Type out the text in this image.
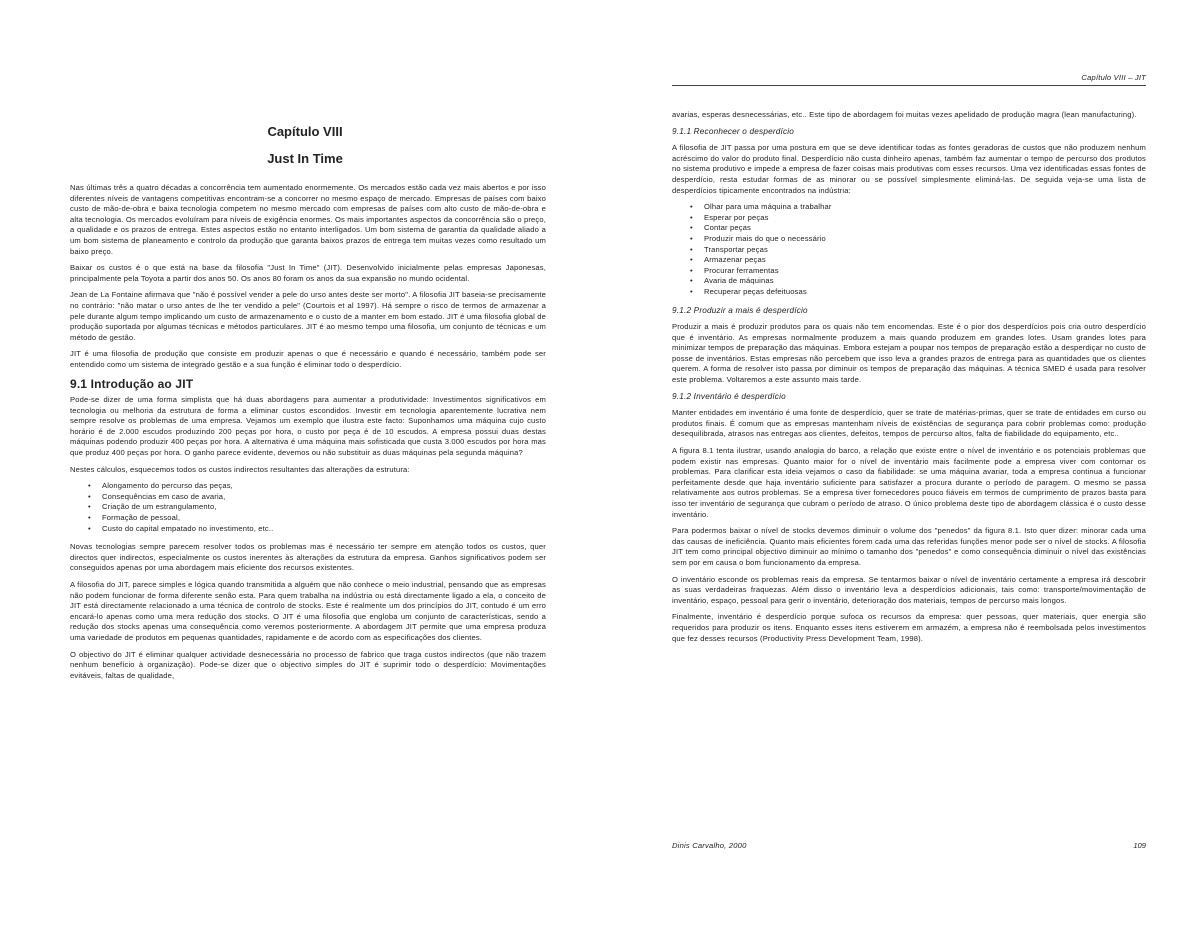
Capítulo VIII
Just In Time

Nas últimas três a quatro décadas a concorrência tem aumentado enormemente. Os mercados estão cada vez mais abertos e por isso diferentes níveis de vantagens competitivas encontram-se a concorrer no mesmo espaço de mercado. Empresas de países com baixo custo de mão-de-obra e baixa tecnologia competem no mesmo mercado com empresas de países com alto custo de mão-de-obra e alta tecnologia. Os mercados evoluíram para níveis de exigência enormes. Os mais importantes aspectos da concorrência são o preço, a qualidade e os prazos de entrega. Estes aspectos estão no entanto interligados. Um bom sistema de garantia da qualidade aliado a um bom sistema de planeamento e controlo da produção que garanta baixos prazos de entrega tem muitas vezes como resultado um baixo preço.

Baixar os custos é o que está na base da filosofia "Just In Time" (JIT). Desenvolvido inicialmente pelas empresas Japonesas, principalmente pela Toyota a partir dos anos 50. Os anos 80 foram os anos da sua expansão no mundo ocidental.

Jean de La Fontaine afirmava que "não é possível vender a pele do urso antes deste ser morto". A filosofia JIT baseia-se precisamente no contrário: "não matar o urso antes de lhe ter vendido a pele" (Courtois et al 1997). Há sempre o risco de termos de armazenar a pele durante algum tempo implicando um custo de armazenamento e o custo de a manter em bom estado. JIT é uma filosofia global de produção suportada por algumas técnicas e métodos particulares. JIT é ao mesmo tempo uma filosofia, um conjunto de técnicas e um método de gestão.

JIT é uma filosofia de produção que consiste em produzir apenas o que é necessário e quando é necessário, também pode ser entendido como um sistema de integrado gestão e a sua função é eliminar todo o desperdício.

9.1 Introdução ao JIT

Pode-se dizer de uma forma simplista que há duas abordagens para aumentar a produtividade: Investimentos significativos em tecnologia ou melhoria da estrutura de forma a eliminar custos escondidos. Investir em tecnologia aparentemente lucrativa nem sempre resolve os problemas de uma empresa. Vejamos um exemplo que ilustra este facto: Suponhamos uma máquina cujo custo horário é de 2.000 escudos produzindo 200 peças por hora, o custo por peça é de 10 escudos. A empresa possui duas destas máquinas podendo produzir 400 peças por hora. A alternativa é uma máquina mais sofisticada que custa 3.000 escudos por hora mas que produz 400 peças por hora. O ganho parece evidente, devemos ou não substituir as duas máquinas pela segunda máquina?

Nestes cálculos, esquecemos todos os custos indirectos resultantes das alterações da estrutura:

• Alongamento do percurso das peças,
• Consequências em caso de avaria,
• Criação de um estrangulamento,
• Formação de pessoal,
• Custo do capital empatado no investimento, etc..

Novas tecnologias sempre parecem resolver todos os problemas mas é necessário ter sempre em atenção todos os custos, quer directos quer indirectos, especialmente os custos inerentes às alterações da estrutura da empresa. Ganhos significativos podem ser conseguidos apenas por uma abordagem mais eficiente dos recursos existentes.

A filosofia do JIT, parece simples e lógica quando transmitida a alguém que não conhece o meio industrial, pensando que as empresas não podem funcionar de forma diferente senão esta. Para quem trabalha na indústria ou está directamente ligado a ela, o conceito de JIT está directamente relacionado a uma técnica de controlo de stocks. Este é realmente um dos princípios do JIT, contudo é um erro encará-lo apenas como uma mera redução dos stocks. O JIT é uma filosofia que engloba um conjunto de características, sendo a redução dos stocks apenas uma consequência como veremos posteriormente. A abordagem JIT permite que uma empresa produza uma variedade de produtos em pequenas quantidades, rapidamente e de acordo com as especificações dos clientes.

O objectivo do JIT é eliminar qualquer actividade desnecessária no processo de fabrico que traga custos indirectos (que não trazem nenhum benefício à organização). Pode-se dizer que o objectivo simples do JIT é suprimir todo o desperdício: Movimentações evitáveis, faltas de qualidade,

Capítulo VIII – JIT

avarias, esperas desnecessárias, etc.. Este tipo de abordagem foi muitas vezes apelidado de produção magra (lean manufacturing).

9.1.1 Reconhecer o desperdício

A filosofia de JIT passa por uma postura em que se deve identificar todas as fontes geradoras de custos que não produzem nenhum acréscimo do valor do produto final. Desperdício não custa dinheiro apenas, também faz aumentar o tempo de percurso dos produtos no sistema produtivo e impede a empresa de fazer coisas mais produtivas com esses recursos. Uma vez identificadas essas fontes de desperdício, resta estudar formas de as minorar ou se possível simplesmente eliminá-las. De seguida veja-se uma lista de desperdícios tipicamente encontrados na indústria:

• Olhar para uma máquina a trabalhar
• Esperar por peças
• Contar peças
• Produzir mais do que o necessário
• Transportar peças
• Armazenar peças
• Procurar ferramentas
• Avaria de máquinas
• Recuperar peças defeituosas
9.1.2 Produzir a mais é desperdício

Produzir a mais é produzir produtos para os quais não tem encomendas. Este é o pior dos desperdícios pois cria outro desperdício que é inventário. As empresas normalmente produzem a mais quando produzem em grandes lotes. Usam grandes lotes para minimizar tempos de preparação das máquinas. Embora estejam a poupar nos tempos de preparação estão a desperdiçar no custo de posse de inventários. Estas empresas não percebem que isso leva a grandes prazos de entrega para as quantidades que os clientes querem. A forma de resolver isto passa por diminuir os tempos de preparação das máquinas. A técnica SMED é usada para resolver este problema. Voltaremos a este assunto mais tarde.

9.1.2 Inventário é desperdício

Manter entidades em inventário é uma fonte de desperdício, quer se trate de matérias-primas, quer se trate de entidades em curso ou produtos finais. É comum que as empresas mantenham níveis de existências de segurança para cobrir problemas como: produção desequilibrada, atrasos nas entregas aos clientes, defeitos, tempos de percurso altos, falta de fiabilidade do equipamento, etc..

A figura 8.1 tenta ilustrar, usando analogia do barco, a relação que existe entre o nível de inventário e os potenciais problemas que podem existir nas empresas. Quanto maior for o nível de inventário mais facilmente pode a empresa viver com contornar os problemas. Para clarificar esta ideia vejamos o caso da fiabilidade: se uma máquina avariar, toda a empresa continua a funcionar perfeitamente desde que haja inventário suficiente para satisfazer a procura durante o período de paragem. O mesmo se passa relativamente aos outros problemas. Se a empresa tiver fornecedores pouco fiáveis em termos de cumprimento de prazos basta para isso ter inventário de segurança que cubram o período de atraso. O único problema deste tipo de abordagem clássica é o custo desse inventário.

Para podermos baixar o nível de stocks devemos diminuir o volume dos "penedos" da figura 8.1. Isto quer dizer: minorar cada uma das causas de ineficiência. Quanto mais eficientes forem cada uma das referidas funções menor pode ser o nível de stocks. A filosofia JIT tem como principal objectivo diminuir ao mínimo o tamanho dos "penedos" e como consequência diminuir o nível das existências sem por em causa o bom funcionamento da empresa.

O inventário esconde os problemas reais da empresa. Se tentarmos baixar o nível de inventário certamente a empresa irá descobrir as suas verdadeiras fraquezas. Além disso o inventário leva a desperdícios adicionais, tais como: transporte/movimentação de inventário, espaço, pessoal para gerir o inventário, deterioração dos materiais, tempos de percurso mais longos.

Finalmente, inventário é desperdício porque sufoca os recursos da empresa: quer pessoas, quer materiais, quer energia são requeridos para produzir os itens. Enquanto esses itens estiverem em armazém, a empresa não é reembolsada pelos investimentos que fez desses recursos (Productivity Press Development Team, 1998).

Dinis Carvalho, 2000	109
